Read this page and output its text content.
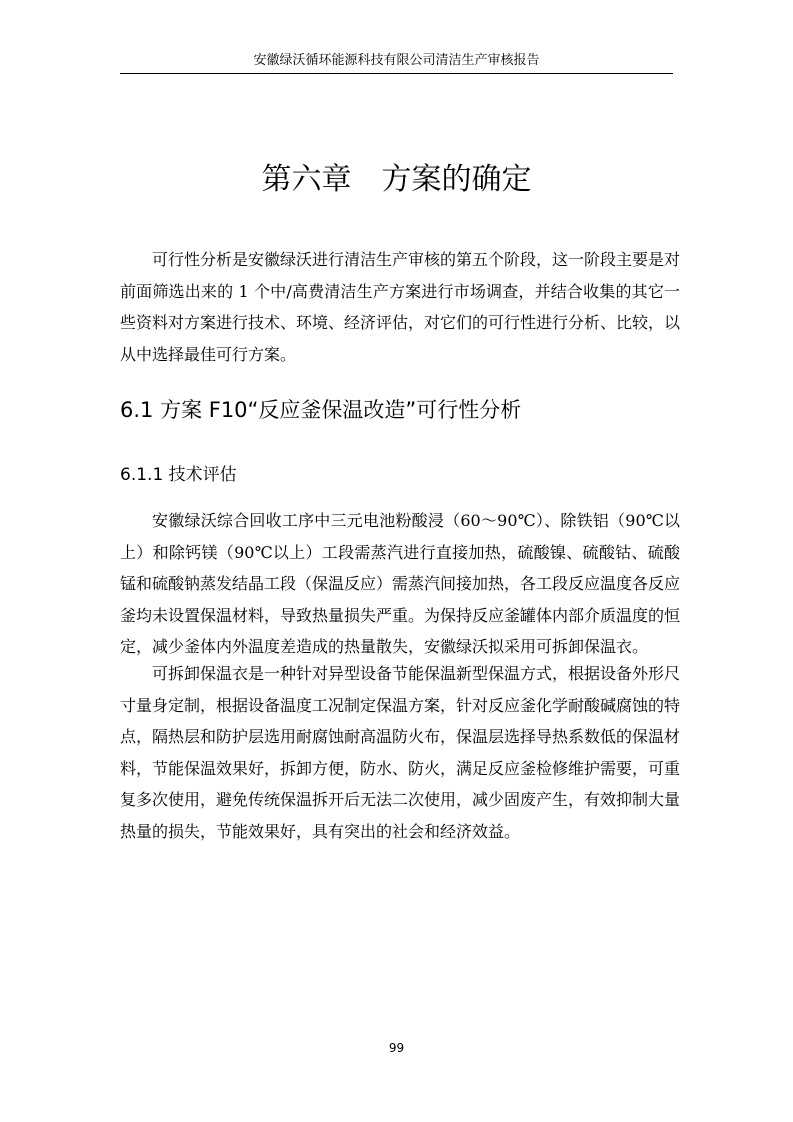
安徽绿沃循环能源科技有限公司清洁生产审核报告
第六章　方案的确定

可行性分析是安徽绿沃进行清洁生产审核的第五个阶段，这一阶段主要是对前面筛选出来的 1 个中/高费清洁生产方案进行市场调查，并结合收集的其它一些资料对方案进行技术、环境、经济评估，对它们的可行性进行分析、比较，以从中选择最佳可行方案。

6.1 方案 F10“反应釜保温改造”可行性分析
6.1.1 技术评估

安徽绿沃综合回收工序中三元电池粉酸浸（60～90℃）、除铁铝（90℃以上）和除钙镁（90℃以上）工段需蒸汽进行直接加热，硫酸镍、硫酸钴、硫酸锰和硫酸钠蒸发结晶工段（保温反应）需蒸汽间接加热，各工段反应温度各反应釜均未设置保温材料，导致热量损失严重。为保持反应釜罐体内部介质温度的恒定，减少釜体内外温度差造成的热量散失，安徽绿沃拟采用可拆卸保温衣。

可拆卸保温衣是一种针对异型设备节能保温新型保温方式，根据设备外形尺寸量身定制，根据设备温度工况制定保温方案，针对反应釜化学耐酸碱腐蚀的特点，隔热层和防护层选用耐腐蚀耐高温防火布，保温层选择导热系数低的保温材料，节能保温效果好，拆卸方便，防水、防火，满足反应釜检修维护需要，可重复多次使用，避免传统保温拆开后无法二次使用，减少固废产生，有效抑制大量热量的损失，节能效果好，具有突出的社会和经济效益。

99
